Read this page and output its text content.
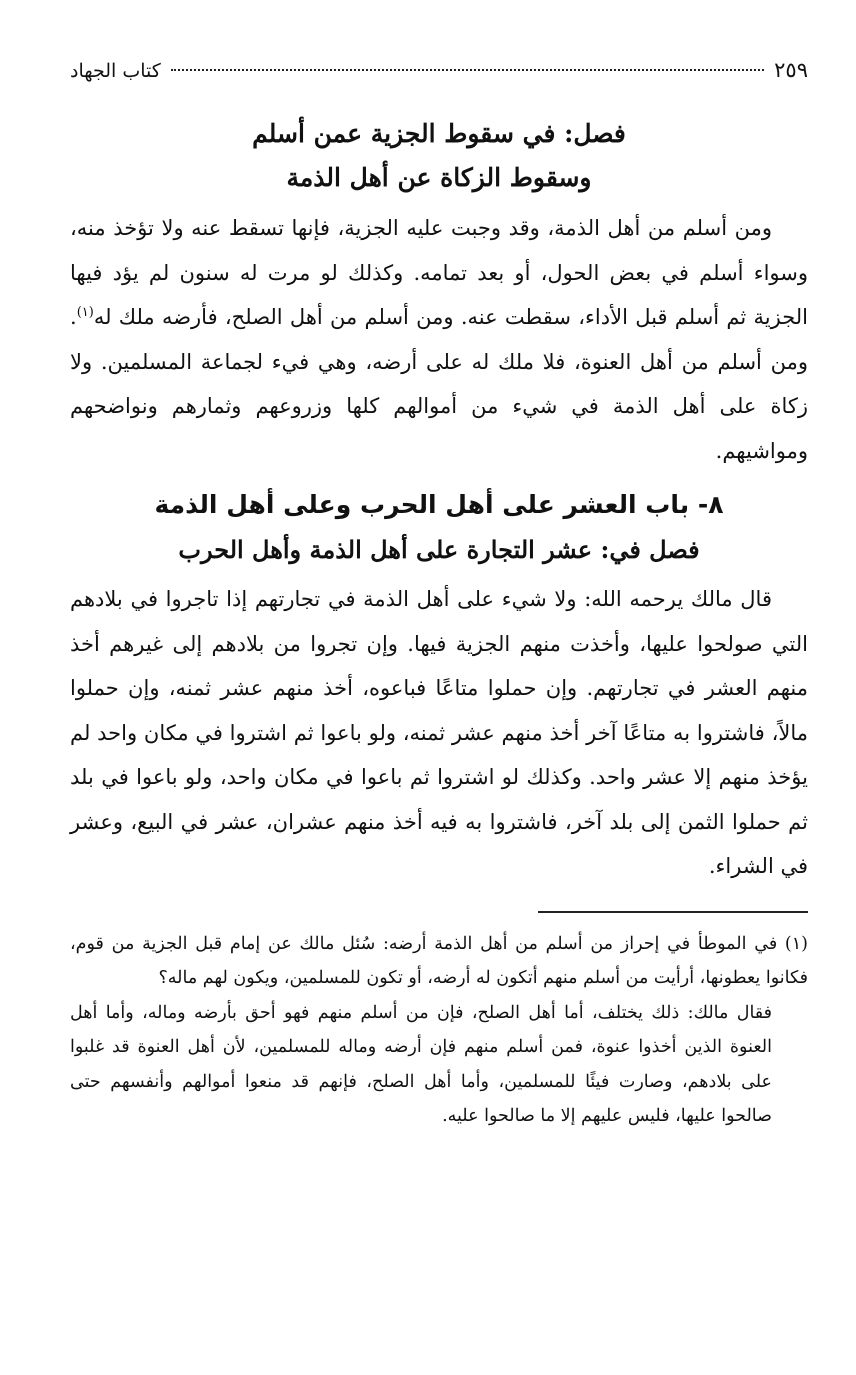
٢٥٩
كتاب الجهاد
فصل: في سقوط الجزية عمن أسلم
وسقوط الزكاة عن أهل الذمة

ومن أسلم من أهل الذمة، وقد وجبت عليه الجزية، فإنها تسقط عنه ولا تؤخذ منه، وسواء أسلم في بعض الحول، أو بعد تمامه. وكذلك لو مرت له سنون لم يؤد فيها الجزية ثم أسلم قبل الأداء، سقطت عنه. ومن أسلم من أهل الصلح، فأرضه ملك له$^{(١)}$. ومن أسلم من أهل العنوة، فلا ملك له على أرضه، وهي فيء لجماعة المسلمين. ولا زكاة على أهل الذمة في شيء من أموالهم كلها وزروعهم وثمارهم ونواضحهم ومواشيهم.

٨- باب العشر على أهل الحرب وعلى أهل الذمة
فصل في: عشر التجارة على أهل الذمة وأهل الحرب

قال مالك يرحمه الله: ولا شيء على أهل الذمة في تجارتهم إذا تاجروا في بلادهم التي صولحوا عليها، وأخذت منهم الجزية فيها. وإن تجروا من بلادهم إلى غيرهم أخذ منهم العشر في تجارتهم. وإن حملوا متاعًا فباعوه، أخذ منهم عشر ثمنه، وإن حملوا مالاً، فاشتروا به متاعًا آخر أخذ منهم عشر ثمنه، ولو باعوا ثم اشتروا في مكان واحد لم يؤخذ منهم إلا عشر واحد. وكذلك لو اشتروا ثم باعوا في مكان واحد، ولو باعوا في بلد ثم حملوا الثمن إلى بلد آخر، فاشتروا به فيه أخذ منهم عشران، عشر في البيع، وعشر في الشراء.

(١) في الموطأ في إحراز من أسلم من أهل الذمة أرضه: سُئل مالك عن إمام قبل الجزية من قوم، فكانوا يعطونها، أرأيت من أسلم منهم أتكون له أرضه، أو تكون للمسلمين، ويكون لهم ماله؟

فقال مالك: ذلك يختلف، أما أهل الصلح، فإن من أسلم منهم فهو أحق بأرضه وماله، وأما أهل العنوة الذين أخذوا عنوة، فمن أسلم منهم فإن أرضه وماله للمسلمين، لأن أهل العنوة قد غلبوا على بلادهم، وصارت فيئًا للمسلمين، وأما أهل الصلح، فإنهم قد منعوا أموالهم وأنفسهم حتى صالحوا عليها، فليس عليهم إلا ما صالحوا عليه.
